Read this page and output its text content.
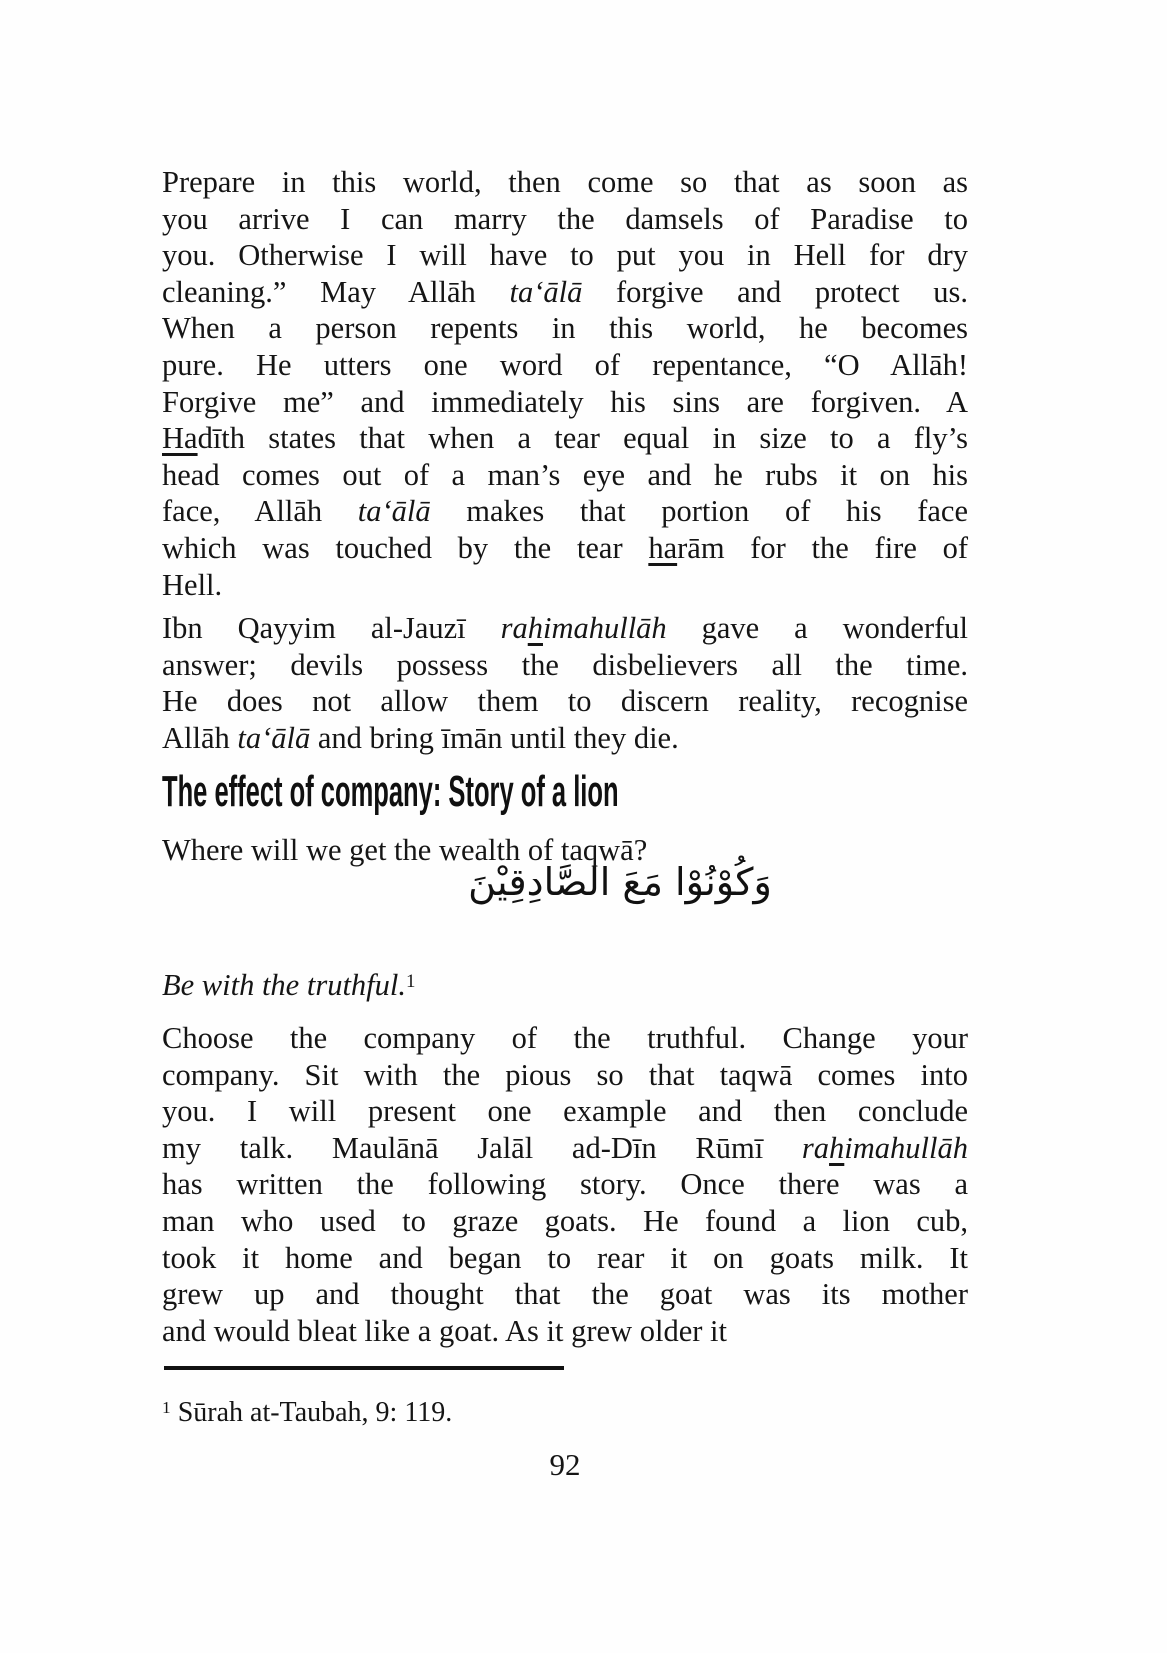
Prepare in this world, then come so that as soon as
you arrive I can marry the damsels of Paradise to
you. Otherwise I will have to put you in Hell for dry
cleaning.” May Allāh ta‘ālā forgive and protect us.
When a person repents in this world, he becomes
pure. He utters one word of repentance, “O Allāh!
Forgive me” and immediately his sins are forgiven. A
Hadīth states that when a tear equal in size to a fly’s
head comes out of a man’s eye and he rubs it on his
face, Allāh ta‘ālā makes that portion of his face
which was touched by the tear harām for the fire of
Hell.
Ibn Qayyim al-Jauzī rahimahullāh gave a wonderful
answer; devils possess the disbelievers all the time.
He does not allow them to discern reality, recognise
Allāh ta‘ālā and bring īmān until they die.
The effect of company: Story of a lion
Where will we get the wealth of taqwā?
وَكُوْنُوْا مَعَ الصَّادِقِيْنَ
Be with the truthful.$^1$
Choose the company of the truthful. Change your
company. Sit with the pious so that taqwā comes into
you. I will present one example and then conclude
my talk. Maulānā Jalāl ad-Dīn Rūmī rahimahullāh
has written the following story. Once there was a
man who used to graze goats. He found a lion cub,
took it home and began to rear it on goats milk. It
grew up and thought that the goat was its mother
and would bleat like a goat. As it grew older it
$^1$ Sūrah at-Taubah, 9: 119.
92
